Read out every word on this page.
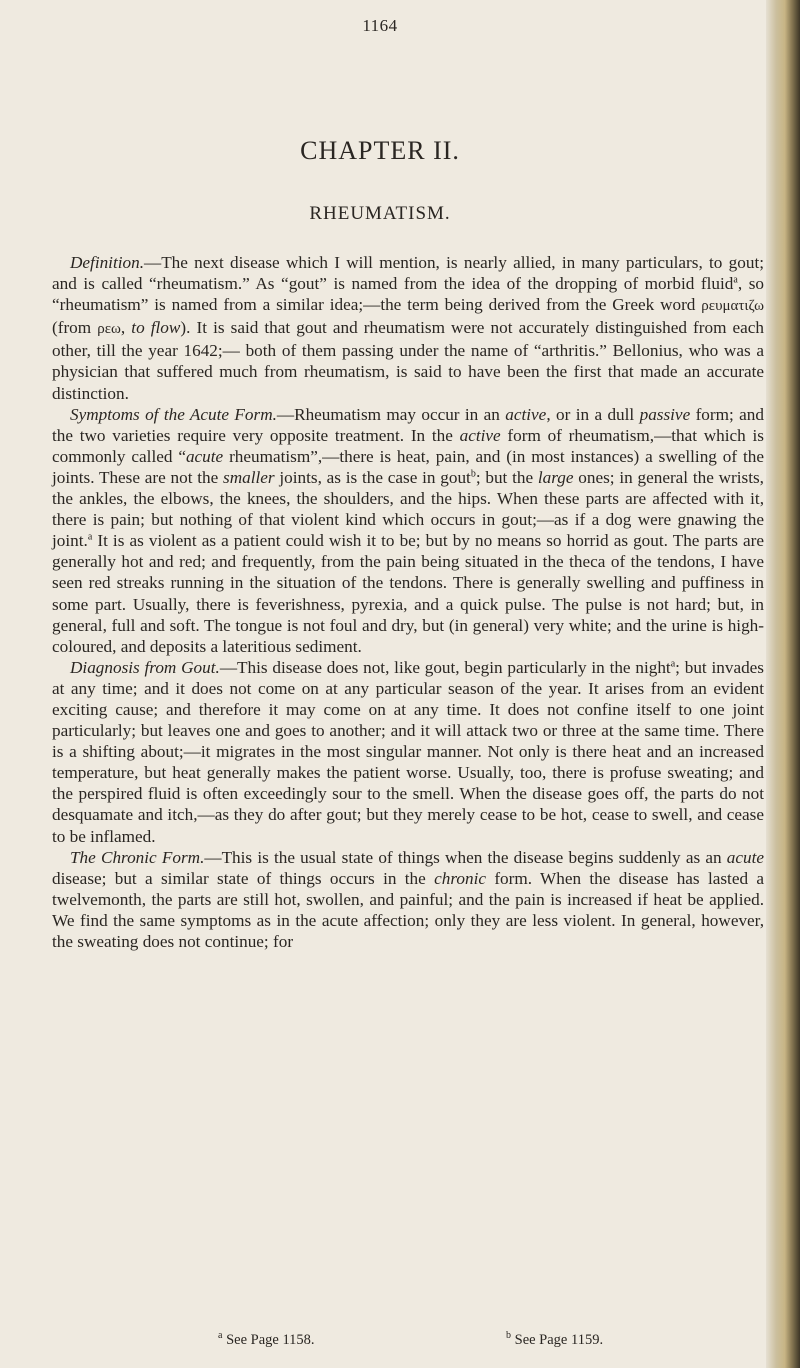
1164
CHAPTER II.
RHEUMATISM.

Definition.—The next disease which I will mention, is nearly allied, in many particulars, to gout; and is called “rheumatism.” As “gout” is named from the idea of the dropping of morbid fluid$^a$, so “rheumatism” is named from a similar idea;—the term being derived from the Greek word ρευματιζω (from ρεω, to flow). It is said that gout and rheumatism were not accurately distinguished from each other, till the year 1642;— both of them passing under the name of “arthritis.” Bellonius, who was a physician that suffered much from rheumatism, is said to have been the first that made an accurate distinction.

Symptoms of the Acute Form.—Rheumatism may occur in an active, or in a dull passive form; and the two varieties require very opposite treatment. In the active form of rheumatism,—that which is commonly called “acute rheumatism”,—there is heat, pain, and (in most instances) a swelling of the joints. These are not the smaller joints, as is the case in gout$^b$; but the large ones; in general the wrists, the ankles, the elbows, the knees, the shoulders, and the hips. When these parts are affected with it, there is pain; but nothing of that violent kind which occurs in gout;—as if a dog were gnawing the joint.$^a$ It is as violent as a patient could wish it to be; but by no means so horrid as gout. The parts are generally hot and red; and frequently, from the pain being situated in the theca of the tendons, I have seen red streaks running in the situation of the tendons. There is generally swelling and puffiness in some part. Usually, there is feverishness, pyrexia, and a quick pulse. The pulse is not hard; but, in general, full and soft. The tongue is not foul and dry, but (in general) very white; and the urine is high-coloured, and deposits a lateritious sediment.

Diagnosis from Gout.—This disease does not, like gout, begin particularly in the night$^a$; but invades at any time; and it does not come on at any particular season of the year. It arises from an evident exciting cause; and therefore it may come on at any time. It does not confine itself to one joint particularly; but leaves one and goes to another; and it will attack two or three at the same time. There is a shifting about;—it migrates in the most singular manner. Not only is there heat and an increased temperature, but heat generally makes the patient worse. Usually, too, there is profuse sweating; and the perspired fluid is often exceedingly sour to the smell. When the disease goes off, the parts do not desquamate and itch,—as they do after gout; but they merely cease to be hot, cease to swell, and cease to be inflamed.

The Chronic Form.—This is the usual state of things when the disease begins suddenly as an acute disease; but a similar state of things occurs in the chronic form. When the disease has lasted a twelvemonth, the parts are still hot, swollen, and painful; and the pain is increased if heat be applied. We find the same symptoms as in the acute affection; only they are less violent. In general, however, the sweating does not continue; for

$^a$ See Page 1158.	$^b$ See Page 1159.
